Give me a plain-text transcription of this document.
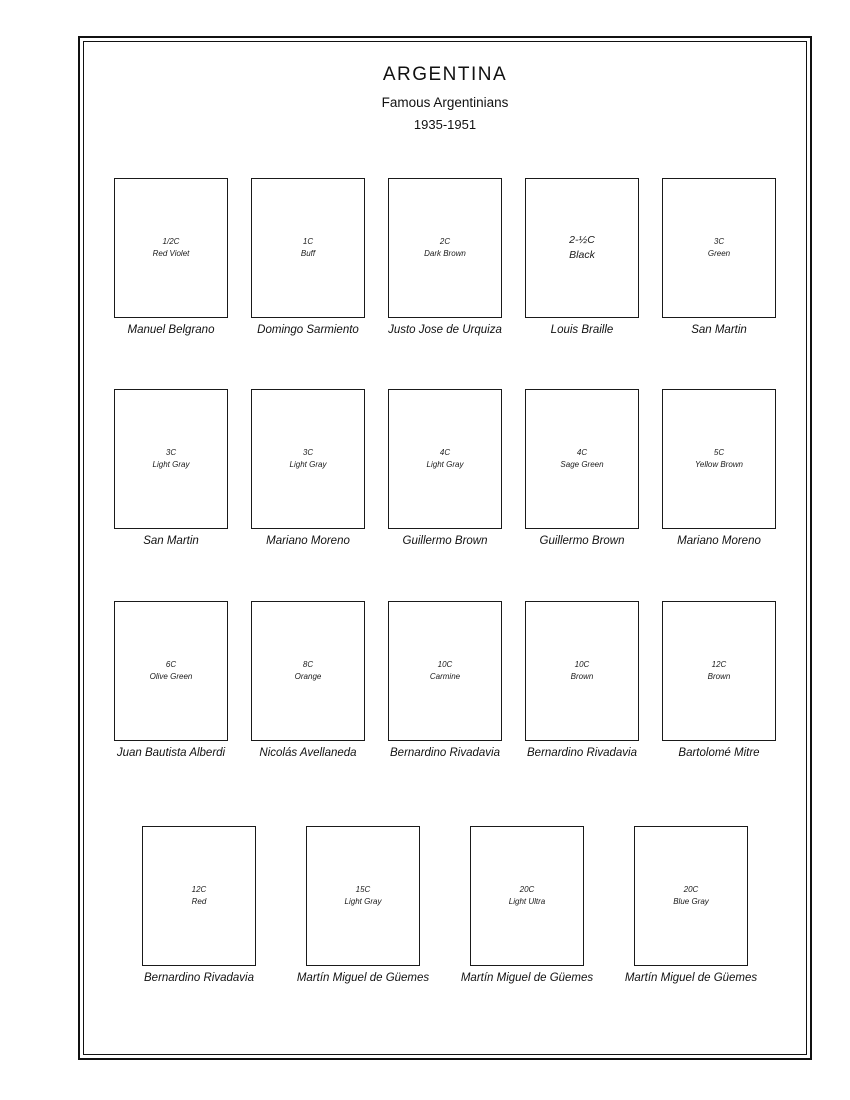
ARGENTINA
Famous Argentinians
1935-1951
1/2C
Red Violet
Manuel Belgrano
1C
Buff
Domingo Sarmiento
2C
Dark Brown
Justo Jose de Urquiza
2-½C
Black
Louis Braille
3C
Green
San Martin
3C
Light Gray
San Martin
3C
Light Gray
Mariano Moreno
4C
Light Gray
Guillermo Brown
4C
Sage Green
Guillermo Brown
5C
Yellow Brown
Mariano Moreno
6C
Olive Green
Juan Bautista Alberdi
8C
Orange
Nicolás Avellaneda
10C
Carmine
Bernardino Rivadavia
10C
Brown
Bernardino Rivadavia
12C
Brown
Bartolomé Mitre
12C
Red
Bernardino Rivadavia
15C
Light Gray
Martín Miguel de Güemes
20C
Light Ultra
Martín Miguel de Güemes
20C
Blue Gray
Martín Miguel de Güemes
